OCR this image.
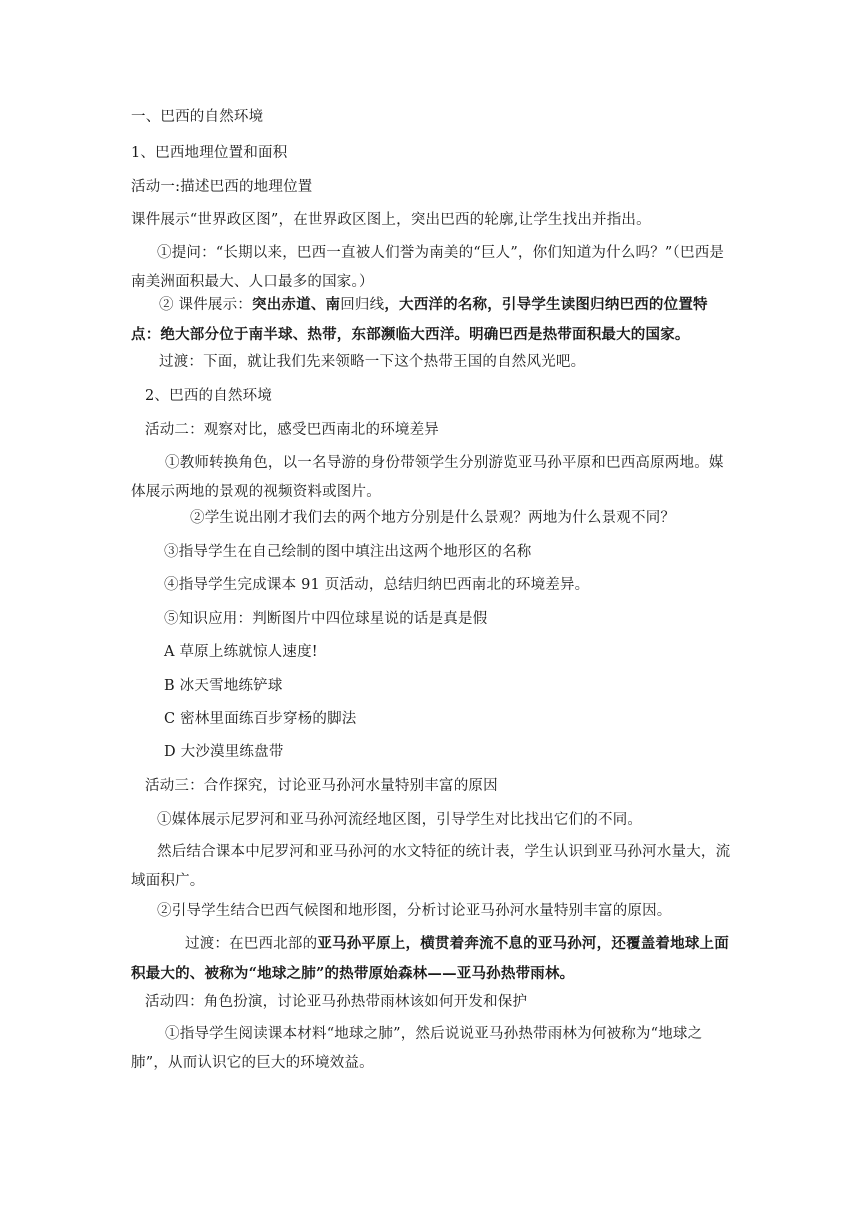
一、巴西的自然环境
1、巴西地理位置和面积
活动一:描述巴西的地理位置
课件展示“世界政区图”，在世界政区图上，突出巴西的轮廓,让学生找出并指出。
①提问：“长期以来，巴西一直被人们誉为南美的“巨人”，你们知道为什么吗？”（巴西是南美洲面积最大、人口最多的国家。）
② 课件展示：突出赤道、南回归线，大西洋的名称，引导学生读图归纳巴西的位置特点：绝大部分位于南半球、热带，东部濒临大西洋。明确巴西是热带面积最大的国家。
过渡：下面，就让我们先来领略一下这个热带王国的自然风光吧。
2、巴西的自然环境
活动二：观察对比，感受巴西南北的环境差异
①教师转换角色，以一名导游的身份带领学生分别游览亚马孙平原和巴西高原两地。媒体展示两地的景观的视频资料或图片。
②学生说出刚才我们去的两个地方分别是什么景观？两地为什么景观不同？
③指导学生在自己绘制的图中填注出这两个地形区的名称
④指导学生完成课本 91 页活动，总结归纳巴西南北的环境差异。
⑤知识应用：判断图片中四位球星说的话是真是假
A 草原上练就惊人速度!
B 冰天雪地练铲球
C 密林里面练百步穿杨的脚法
D 大沙漠里练盘带
活动三：合作探究，讨论亚马孙河水量特别丰富的原因
①媒体展示尼罗河和亚马孙河流经地区图，引导学生对比找出它们的不同。
然后结合课本中尼罗河和亚马孙河的水文特征的统计表，学生认识到亚马孙河水量大，流域面积广。
②引导学生结合巴西气候图和地形图，分析讨论亚马孙河水量特别丰富的原因。
过渡：在巴西北部的亚马孙平原上，横贯着奔流不息的亚马孙河，还覆盖着地球上面积最大的、被称为“地球之肺”的热带原始森林——亚马孙热带雨林。
活动四：角色扮演，讨论亚马孙热带雨林该如何开发和保护
①指导学生阅读课本材料“地球之肺”，然后说说亚马孙热带雨林为何被称为“地球之肺”，从而认识它的巨大的环境效益。
